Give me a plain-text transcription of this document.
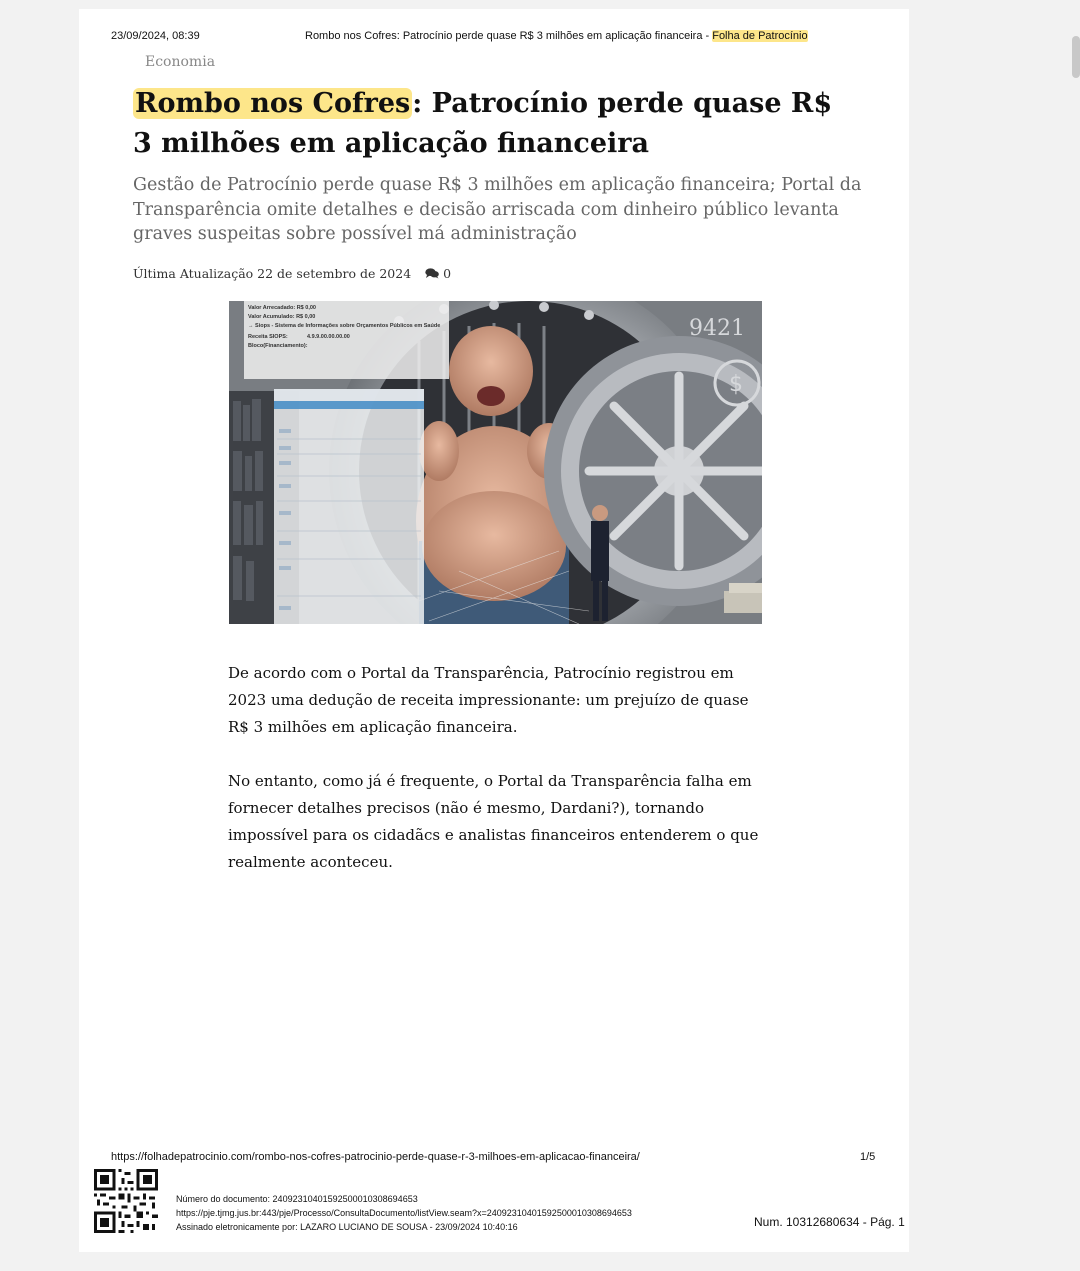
23/09/2024, 08:39	Rombo nos Cofres: Patrocínio perde quase R$ 3 milhões em aplicação financeira - Folha de Patrocínio
Economia
Rombo nos Cofres: Patrocínio perde quase R$ 3 milhões em aplicação financeira
Gestão de Patrocínio perde quase R$ 3 milhões em aplicação financeira; Portal da Transparência omite detalhes e decisão arriscada com dinheiro público levanta graves suspeitas sobre possível má administração
Última Atualização 22 de setembro de 2024	0
$
9421
Valor Arrecadado: R$ 0,00
Valor Acumulado: R$ 0,00
→ Siops - Sistema de Informações sobre Orçamentos Públicos em Saúde
Receita SIOPS:	4.9.9.00.00.00.00
Bloco(Financiamento):

De acordo com o Portal da Transparência, Patrocínio registrou em 2023 uma dedução de receita impressionante: um prejuízo de quase R$ 3 milhões em aplicação financeira.

No entanto, como já é frequente, o Portal da Transparência falha em fornecer detalhes precisos (não é mesmo, Dardani?), tornando impossível para os cidadãcs e analistas financeiros entenderem o que realmente aconteceu.

https://folhadepatrocinio.com/rombo-nos-cofres-patrocinio-perde-quase-r-3-milhoes-em-aplicacao-financeira/	1/5
Número do documento: 24092310401592500010308694653
https://pje.tjmg.jus.br:443/pje/Processo/ConsultaDocumento/listView.seam?x=24092310401592500010308694653
Assinado eletronicamente por: LAZARO LUCIANO DE SOUSA - 23/09/2024 10:40:16	Num. 10312680634 - Pág. 1
